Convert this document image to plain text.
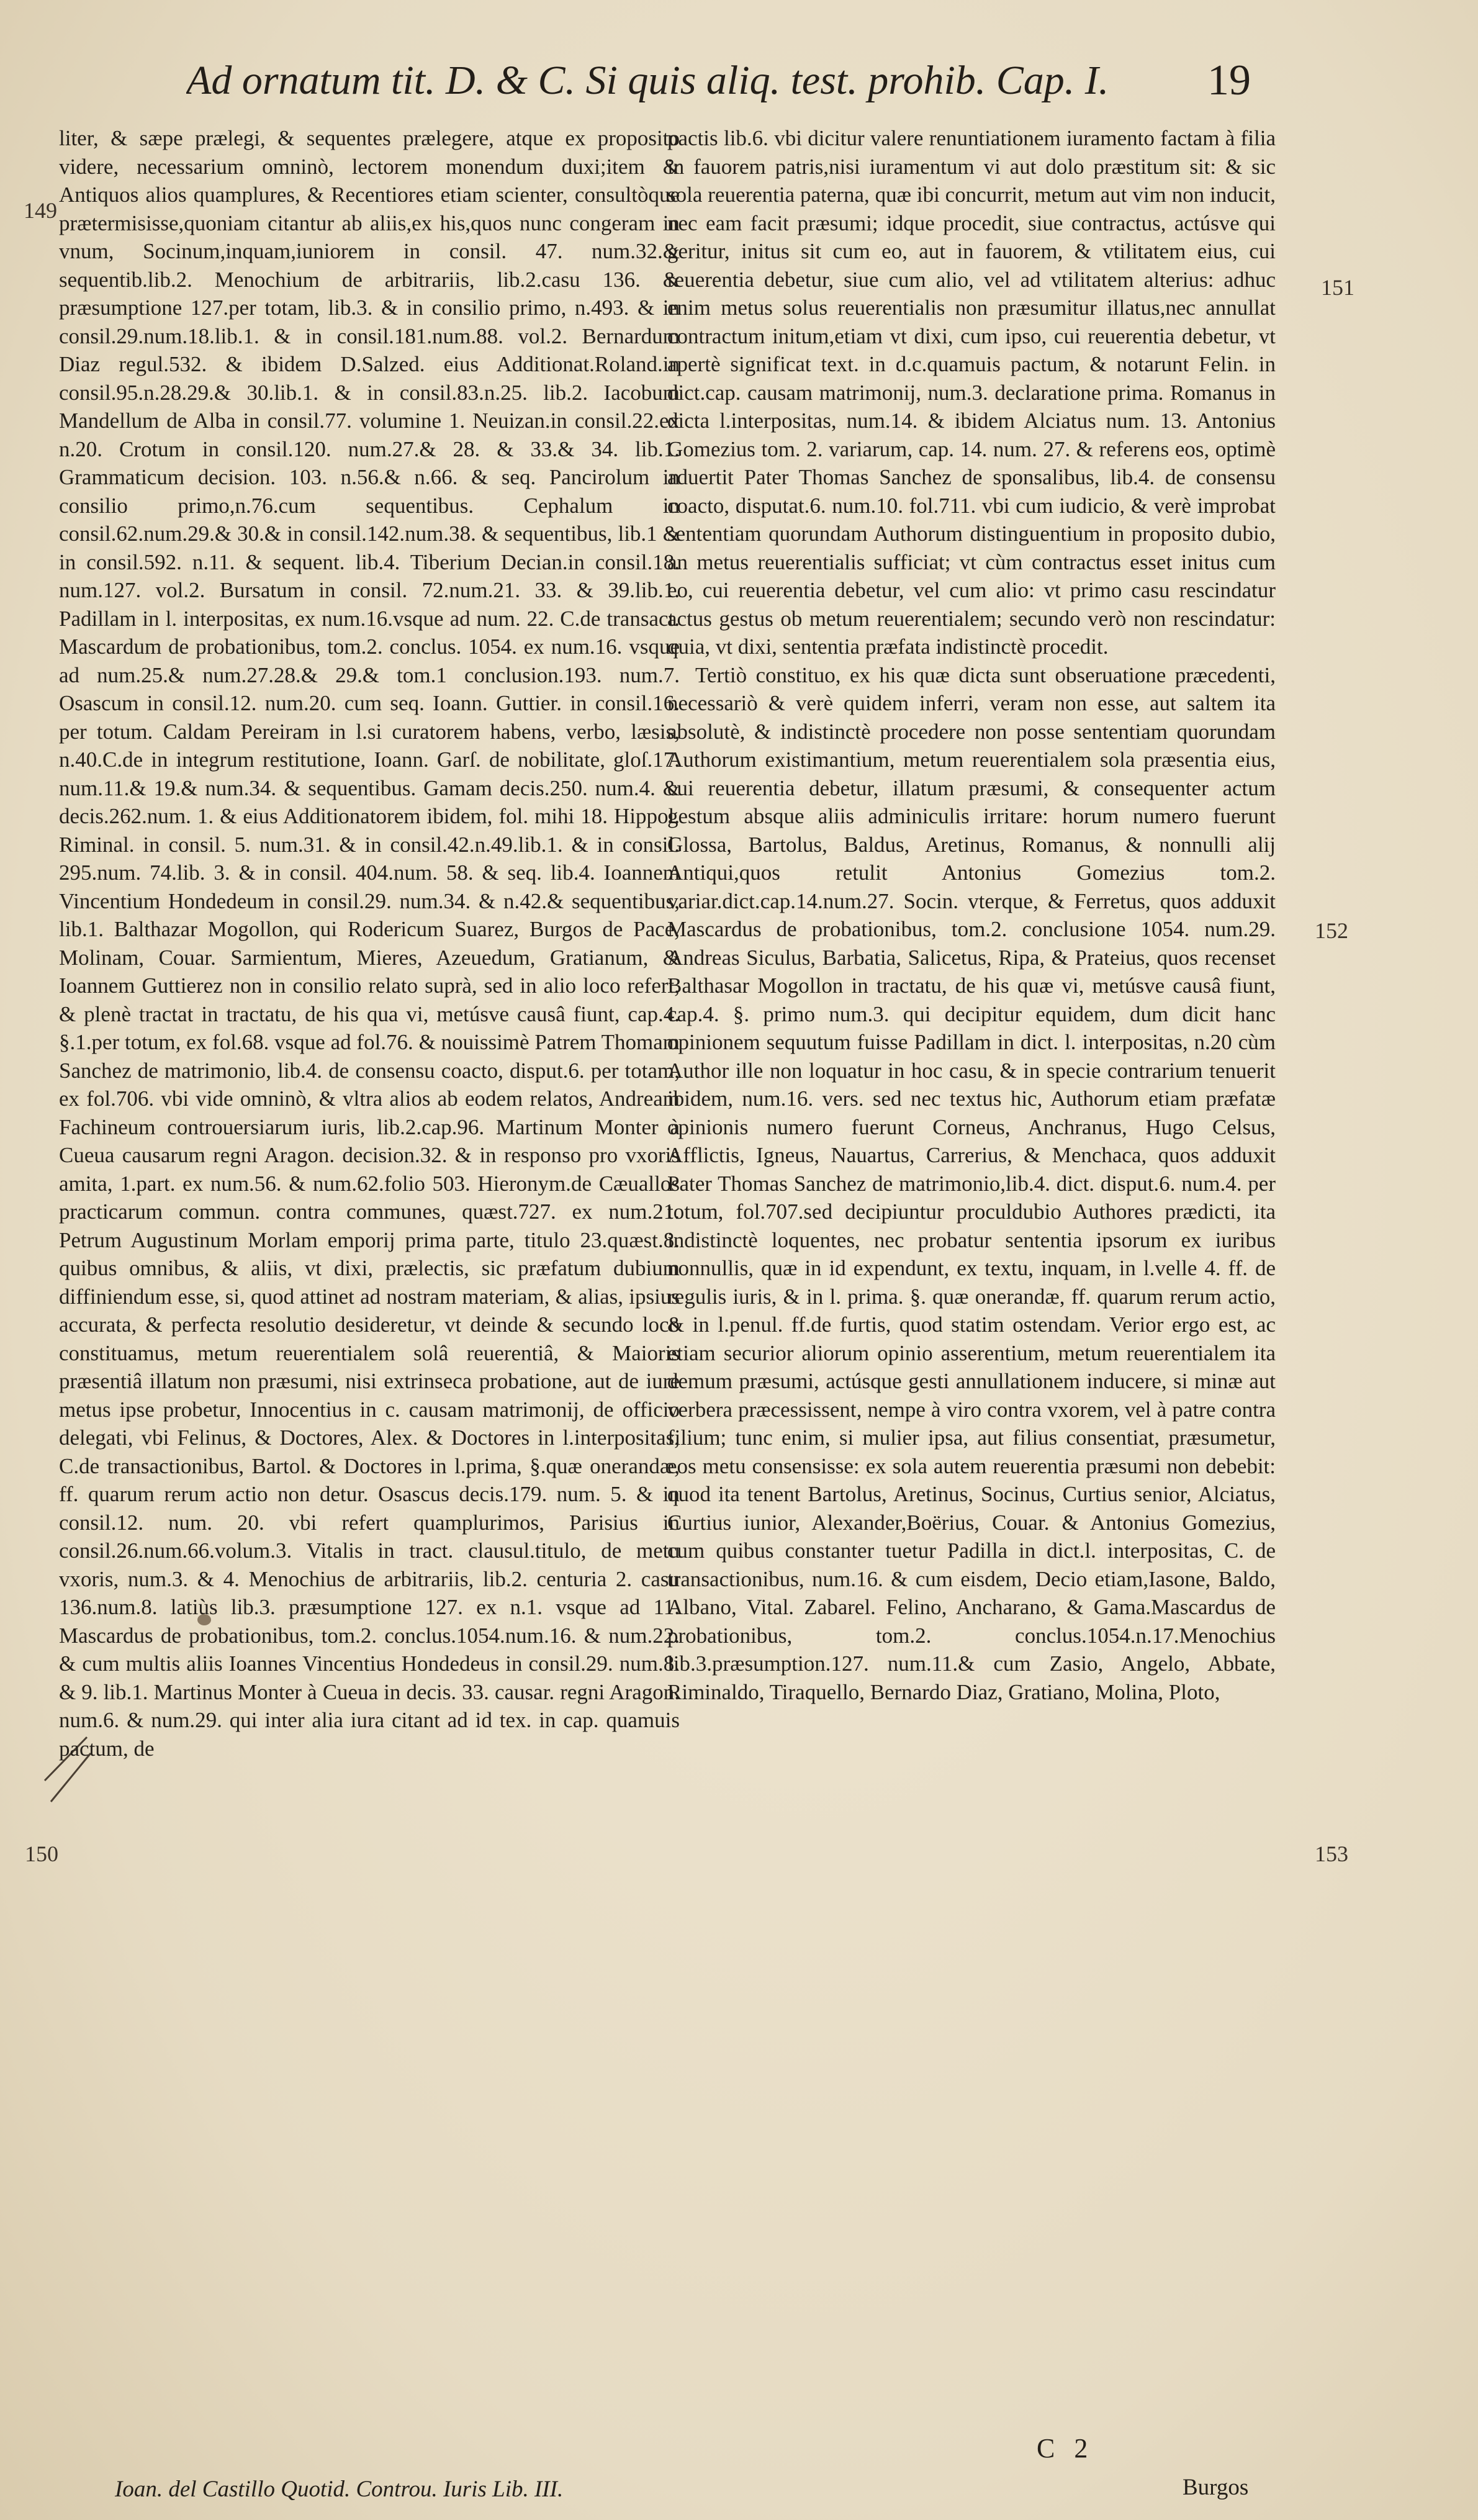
Ad ornatum tit. D. & C. Si quis aliq. test. prohib. Cap. I.	19
149
150
151
152
153

liter, & sæpe prælegi, & sequentes prælegere, atque ex proposito videre, necessarium omninò, lectorem monendum duxi;item & Antiquos alios quamplures, & Recentiores etiam scienter, consultòque prætermisisse,quoniam citantur ab aliis,ex his,quos nunc congeram in vnum, Socinum,inquam,iuniorem in consil. 47. num.32.& sequentib.lib.2. Menochium de arbitrariis, lib.2.casu 136. & præsumptione 127.per totam, lib.3. & in consilio primo, n.493. & in consil.29.num.18.lib.1. & in consil.181.num.88. vol.2. Bernardum Diaz regul.532. & ibidem D.Salzed. eius Additionat.Roland.in consil.95.n.28.29.& 30.lib.1. & in consil.83.n.25. lib.2. Iacobum Mandellum de Alba in consil.77. volumine 1. Neuizan.in consil.22.ex n.20. Crotum in consil.120. num.27.& 28. & 33.& 34. lib.1. Grammaticum decision. 103. n.56.& n.66. & seq. Pancirolum in consilio primo,n.76.cum sequentibus. Cephalum in consil.62.num.29.& 30.& in consil.142.num.38. & sequentibus, lib.1 & in consil.592. n.11. & sequent. lib.4. Tiberium Decian.in consil.18. num.127. vol.2. Bursatum in consil. 72.num.21. 33. & 39.lib.1. Padillam in l. interpositas, ex num.16.vsque ad num. 22. C.de transact. Mascardum de probationibus, tom.2. conclus. 1054. ex num.16. vsque ad num.25.& num.27.28.& 29.& tom.1 conclusion.193. num.7. Osascum in consil.12. num.20. cum seq. Ioann. Guttier. in consil.16. per totum. Caldam Pereiram in l.si curatorem habens, verbo, læsis, n.40.C.de in integrum restitutione, Ioann. Garſ. de nobilitate, gloſ.17. num.11.& 19.& num.34. & sequentibus. Gamam decis.250. num.4. & decis.262.num. 1. & eius Additionatorem ibidem, fol. mihi 18. Hippol. Riminal. in consil. 5. num.31. & in consil.42.n.49.lib.1. & in consil. 295.num. 74.lib. 3. & in consil. 404.num. 58. & seq. lib.4. Ioannem Vincentium Hondedeum in consil.29. num.34. & n.42.& sequentibus, lib.1. Balthazar Mogollon, qui Rodericum Suarez, Burgos de Pace, Molinam, Couar. Sarmientum, Mieres, Azeuedum, Gratianum, & Ioannem Guttierez non in consilio relato suprà, sed in alio loco refert, & plenè tractat in tractatu, de his qua vi, metúsve causâ fiunt, cap.4. §.1.per totum, ex fol.68. vsque ad fol.76. & nouissimè Patrem Thomam Sanchez de matrimonio, lib.4. de consensu coacto, disput.6. per totam, ex fol.706. vbi vide omninò, & vltra alios ab eodem relatos, Andream Fachineum controuersiarum iuris, lib.2.cap.96. Martinum Monter à Cueua causarum regni Aragon. decision.32. & in responso pro vxoris amita, 1.part. ex num.56. & num.62.folio 503. Hieronym.de Cæuallos practicarum commun. contra communes, quæst.727. ex num.21. Petrum Augustinum Morlam emporij prima parte, titulo 23.quæst.8. quibus omnibus, & aliis, vt dixi, prælectis, sic præfatum dubium diffiniendum esse, si, quod attinet ad nostram materiam, & alias, ipsius accurata, & perfecta resolutio desideretur, vt deinde & secundo loco constituamus, metum reuerentialem solâ reuerentiâ, & Maioris præsentiâ illatum non præsumi, nisi extrinseca probatione, aut de iure metus ipse probetur, Innocentius in c. causam matrimonij, de officio delegati, vbi Felinus, & Doctores, Alex. & Doctores in l.interpositas, C.de transactionibus, Bartol. & Doctores in l.prima, §.quæ onerandæ, ff. quarum rerum actio non detur. Osascus decis.179. num. 5. & in consil.12. num. 20. vbi refert quamplurimos, Parisius in consil.26.num.66.volum.3. Vitalis in tract. clausul.titulo, de metu vxoris, num.3. & 4. Menochius de arbitrariis, lib.2. centuria 2. casu 136.num.8. latiùs lib.3. præsumptione 127. ex n.1. vsque ad 11. Mascardus de probationibus, tom.2. conclus.1054.num.16. & num.22. & cum multis aliis Ioannes Vincentius Hondedeus in consil.29. num.8. & 9. lib.1. Martinus Monter à Cueua in decis. 33. causar. regni Aragon. num.6. & num.29. qui inter alia iura citant ad id tex. in cap. quamuis pactum, de

pactis lib.6. vbi dicitur valere renuntiationem iuramento factam à filia in fauorem patris,nisi iuramentum vi aut dolo præstitum sit: & sic sola reuerentia paterna, quæ ibi concurrit, metum aut vim non inducit, nec eam facit præsumi; idque procedit, siue contractus, actúsve qui geritur, initus sit cum eo, aut in fauorem, & vtilitatem eius, cui reuerentia debetur, siue cum alio, vel ad vtilitatem alterius: adhuc enim metus solus reuerentialis non præsumitur illatus,nec annullat contractum initum,etiam vt dixi, cum ipso, cui reuerentia debetur, vt apertè significat text. in d.c.quamuis pactum, & notarunt Felin. in dict.cap. causam matrimonij, num.3. declaratione prima. Romanus in dicta l.interpositas, num.14. & ibidem Alciatus num. 13. Antonius Gomezius tom. 2. variarum, cap. 14. num. 27. & referens eos, optimè aduertit Pater Thomas Sanchez de sponsalibus, lib.4. de consensu coacto, disputat.6. num.10. fol.711. vbi cum iudicio, & verè improbat sententiam quorundam Authorum distinguentium in proposito dubio, an metus reuerentialis sufficiat; vt cùm contractus esset initus cum eo, cui reuerentia debetur, vel cum alio: vt primo casu rescindatur actus gestus ob metum reuerentialem; secundo verò non rescindatur: quia, vt dixi, sententia præfata indistinctè procedit.

Tertiò constituo, ex his quæ dicta sunt obseruatione præcedenti, necessariò & verè quidem inferri, veram non esse, aut saltem ita absolutè, & indistinctè procedere non posse sententiam quorundam Authorum existimantium, metum reuerentialem sola præsentia eius, cui reuerentia debetur, illatum præsumi, & consequenter actum gestum absque aliis adminiculis irritare: horum numero fuerunt Glossa, Bartolus, Baldus, Aretinus, Romanus, & nonnulli alij Antiqui,quos retulit Antonius Gomezius tom.2. variar.dict.cap.14.num.27. Socin. vterque, & Ferretus, quos adduxit Mascardus de probationibus, tom.2. conclusione 1054. num.29. Andreas Siculus, Barbatia, Salicetus, Ripa, & Prateius, quos recenset Balthasar Mogollon in tractatu, de his quæ vi, metúsve causâ fiunt, cap.4. §. primo num.3. qui decipitur equidem, dum dicit hanc opinionem sequutum fuisse Padillam in dict. l. interpositas, n.20 cùm Author ille non loquatur in hoc casu, & in specie contrarium tenuerit ibidem, num.16. vers. sed nec textus hic, Authorum etiam præfatæ opinionis numero fuerunt Corneus, Anchranus, Hugo Celsus, Afflictis, Igneus, Nauartus, Carrerius, & Menchaca, quos adduxit Pater Thomas Sanchez de matrimonio,lib.4. dict. disput.6. num.4. per totum, fol.707.sed decipiuntur proculdubio Authores prædicti, ita indistinctè loquentes, nec probatur sententia ipsorum ex iuribus nonnullis, quæ in id expendunt, ex textu, inquam, in l.velle 4. ff. de regulis iuris, & in l. prima. §. quæ onerandæ, ff. quarum rerum actio, & in l.penul. ff.de furtis, quod statim ostendam. Verior ergo est, ac etiam securior aliorum opinio asserentium, metum reuerentialem ita demum præsumi, actúsque gesti annullationem inducere, si minæ aut verbera præcessissent, nempe à viro contra vxorem, vel à patre contra filium; tunc enim, si mulier ipsa, aut filius consentiat, præsumetur, eos metu consensisse: ex sola autem reuerentia præsumi non debebit: quod ita tenent Bartolus, Aretinus, Socinus, Curtius senior, Alciatus, Curtius iunior, Alexander,Boërius, Couar. & Antonius Gomezius, cum quibus constanter tuetur Padilla in dict.l. interpositas, C. de transactionibus, num.16. & cum eisdem, Decio etiam,Iasone, Baldo, Albano, Vital. Zabarel. Felino, Ancharano, & Gama.Mascardus de probationibus, tom.2. conclus.1054.n.17.Menochius lib.3.præsumption.127. num.11.& cum Zasio, Angelo, Abbate, Riminaldo, Tiraquello, Bernardo Diaz, Gratiano, Molina, Ploto,

Ioan. del Castillo Quotid. Controu. Iuris Lib. III.
C 2
Burgos
